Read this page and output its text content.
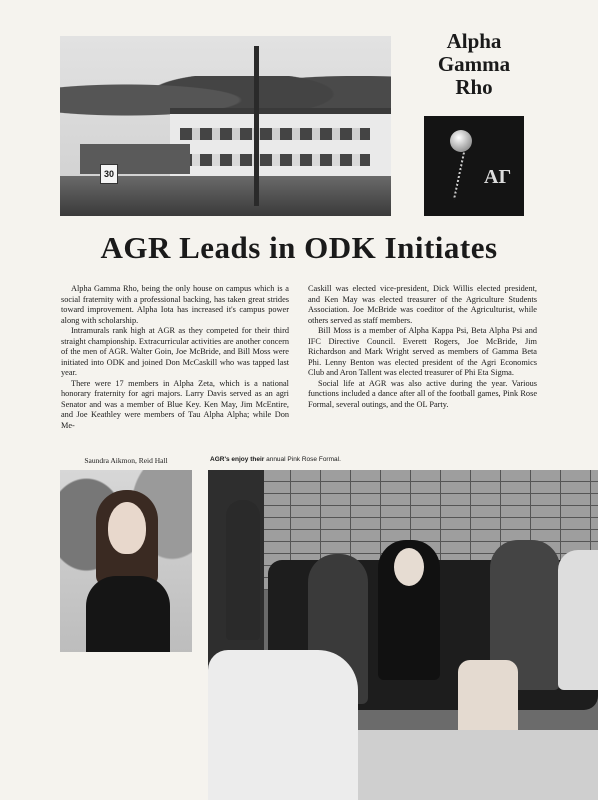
30
Alpha
Gamma
Rho
AΓ
AGR Leads in ODK Initiates

Alpha Gamma Rho, being the only house on campus which is a social fraternity with a professional backing, has taken great strides toward improvement. Alpha Iota has increased it's campus power along with scholarship.

Intramurals rank high at AGR as they competed for their third straight championship. Extracurricular activities are another concern of the men of AGR. Walter Goin, Joe McBride, and Bill Moss were initiated into ODK and joined Don McCaskill who was tapped last year.

There were 17 members in Alpha Zeta, which is a national honorary fraternity for agri majors. Larry Davis served as an agri Senator and was a member of Blue Key. Ken May, Jim McEntire, and Joe Keathley were members of Tau Alpha Alpha; while Don Me-

Caskill was elected vice-president, Dick Willis elected president, and Ken May was elected treasurer of the Agriculture Students Association. Joe McBride was coeditor of the Agriculturist, while others served as staff members.

Bill Moss is a member of Alpha Kappa Psi, Beta Alpha Psi and IFC Directive Council. Everett Rogers, Joe McBride, Jim Richardson and Mark Wright served as members of Gamma Beta Phi. Lenny Benton was elected president of the Agri Economics Club and Aron Tallent was elected treasurer of Phi Eta Sigma.

Social life at AGR was also active during the year. Various functions included a dance after all of the football games, Pink Rose Formal, several outings, and the OL Party.

Saundra Aikmon, Reid Hall	AGR's enjoy their annual Pink Rose Formal.
